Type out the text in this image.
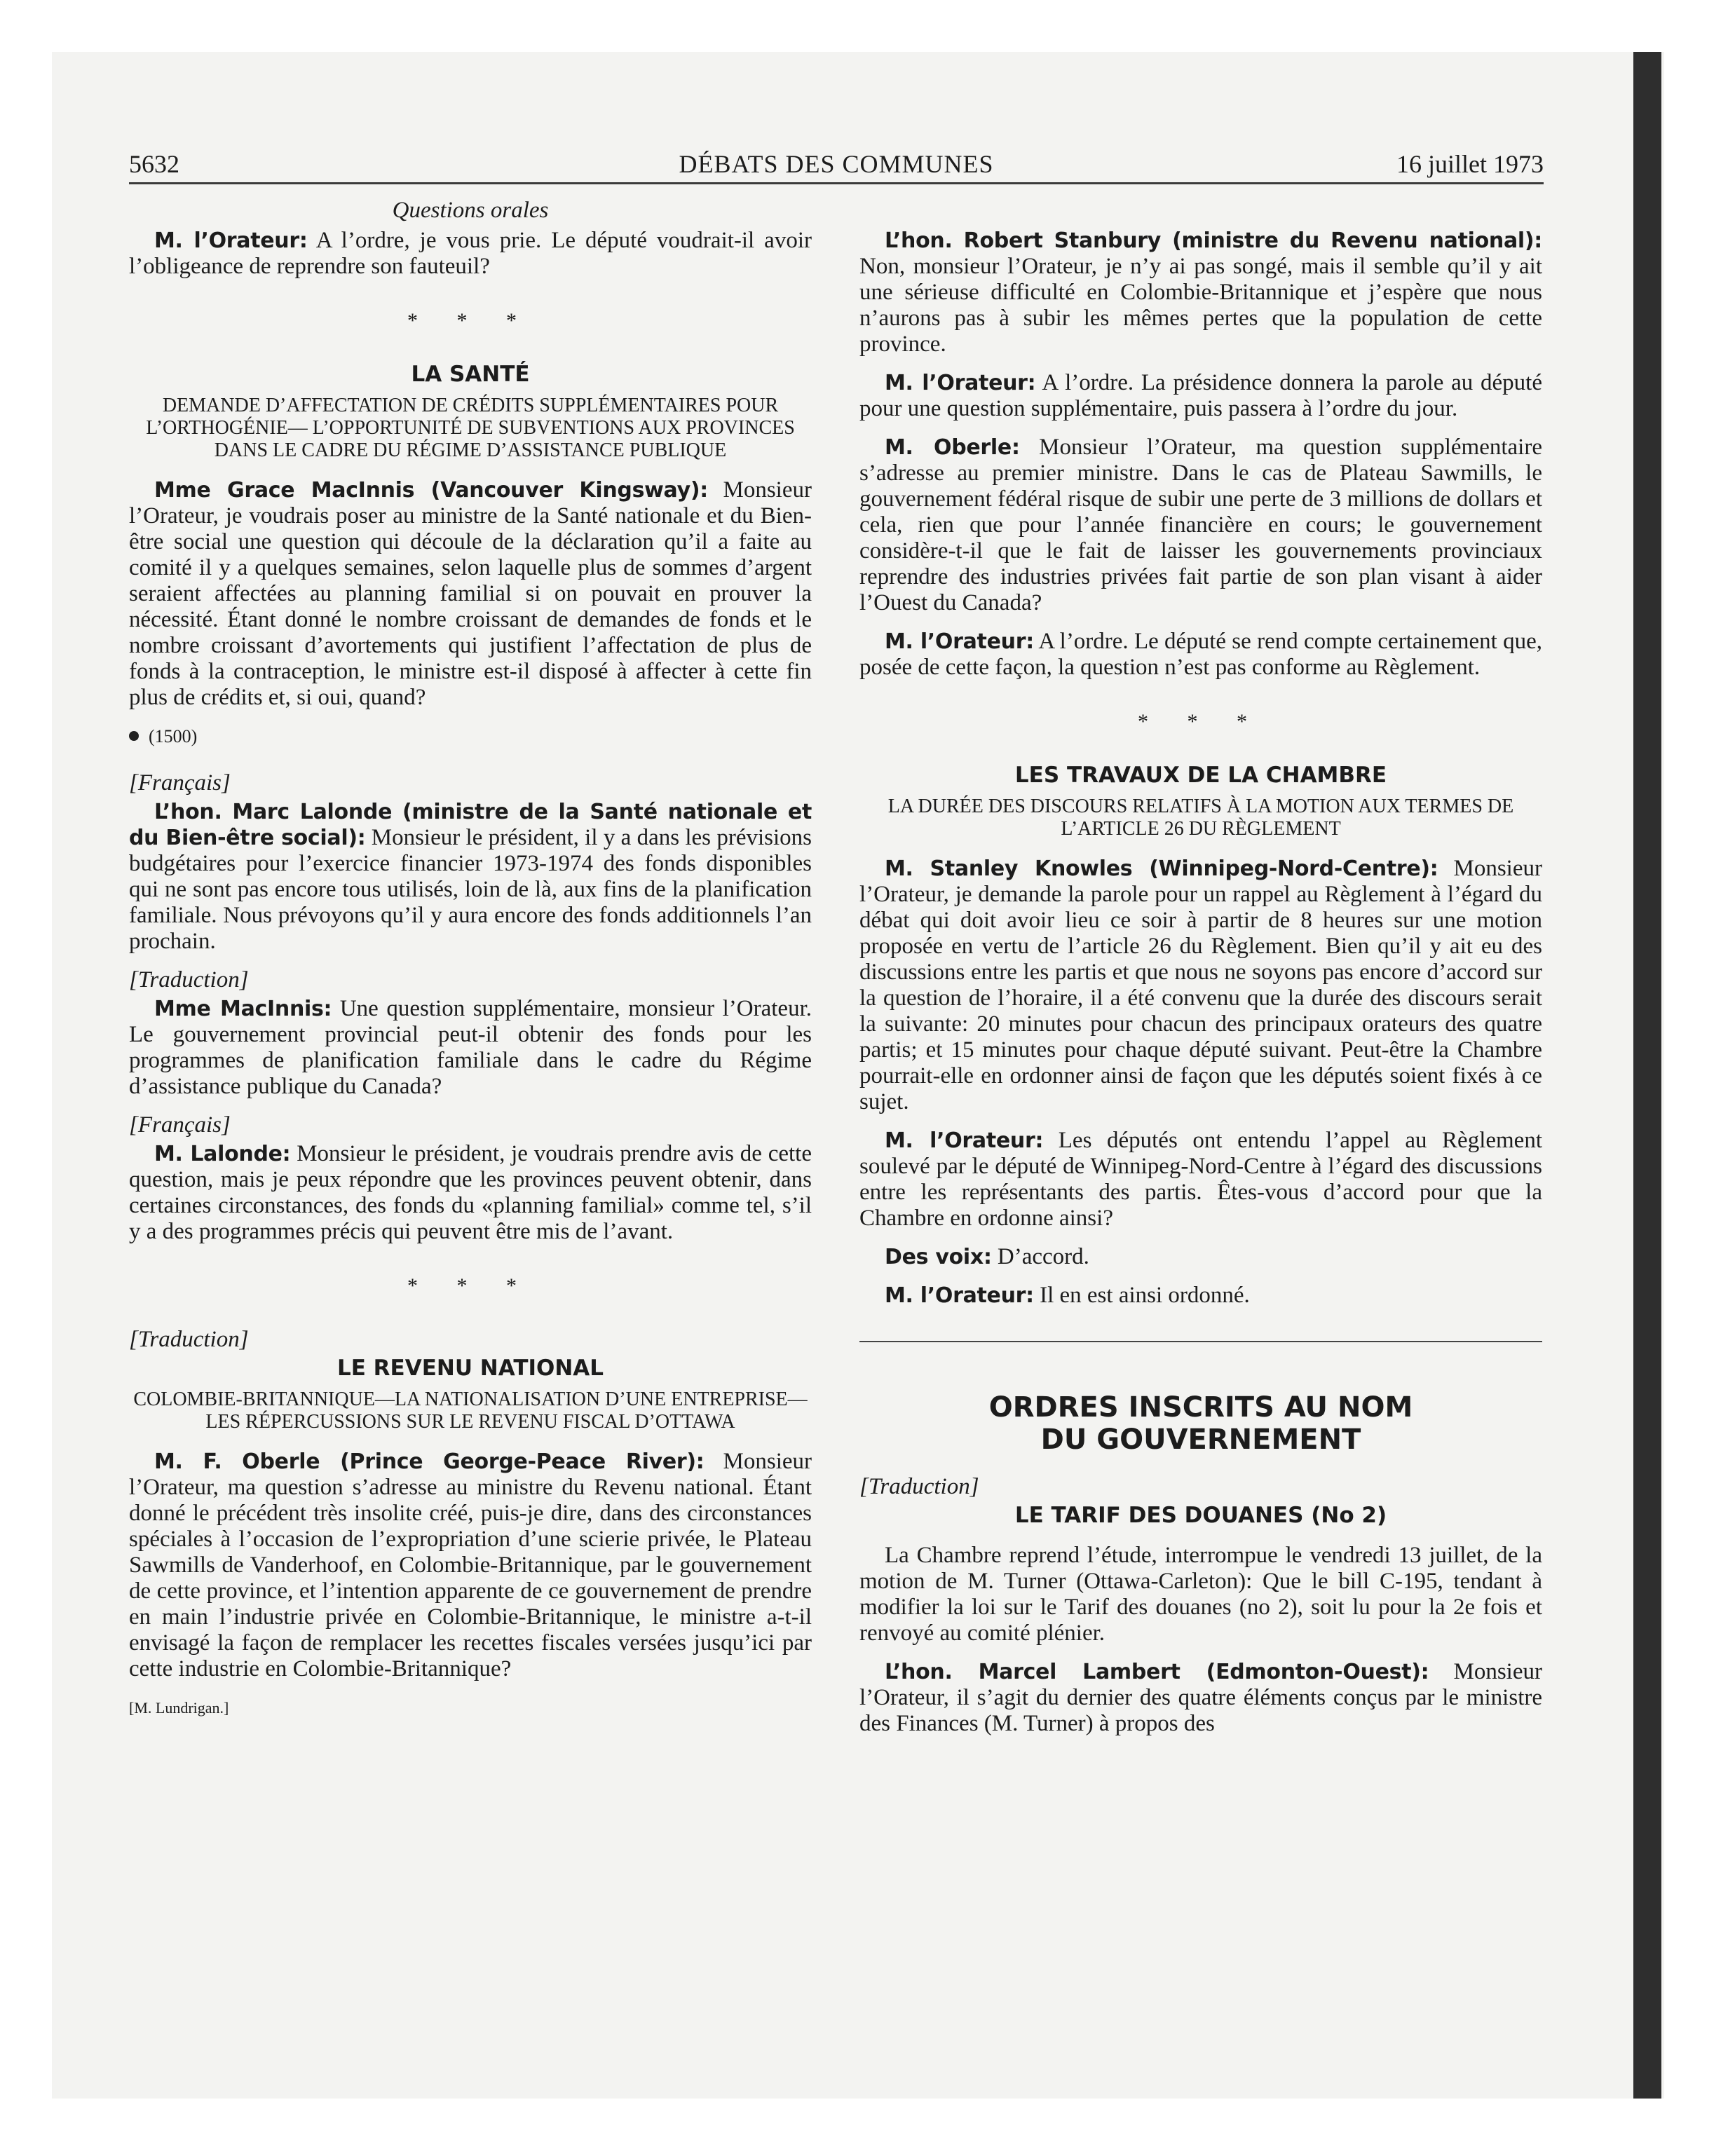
5632	DÉBATS DES COMMUNES	16 juillet 1973

Questions orales

M. l’Orateur: A l’ordre, je vous prie. Le député voudrait-il avoir l’obligeance de reprendre son fauteuil?

* * *
LA SANTÉ
DEMANDE D’AFFECTATION DE CRÉDITS SUPPLÉMENTAIRES POUR L’ORTHOGÉNIE— L’OPPORTUNITÉ DE SUBVENTIONS AUX PROVINCES DANS LE CADRE DU RÉGIME D’ASSISTANCE PUBLIQUE

Mme Grace MacInnis (Vancouver Kingsway): Monsieur l’Orateur, je voudrais poser au ministre de la Santé nationale et du Bien-être social une question qui découle de la déclaration qu’il a faite au comité il y a quelques semaines, selon laquelle plus de sommes d’argent seraient affectées au planning familial si on pouvait en prouver la nécessité. Étant donné le nombre croissant de demandes de fonds et le nombre croissant d’avortements qui justifient l’affectation de plus de fonds à la contraception, le ministre est-il disposé à affecter à cette fin plus de crédits et, si oui, quand?

(1500)
[Français]

L’hon. Marc Lalonde (ministre de la Santé nationale et du Bien-être social): Monsieur le président, il y a dans les prévisions budgétaires pour l’exercice financier 1973-1974 des fonds disponibles qui ne sont pas encore tous utilisés, loin de là, aux fins de la planification familiale. Nous prévoyons qu’il y aura encore des fonds additionnels l’an prochain.

[Traduction]

Mme MacInnis: Une question supplémentaire, monsieur l’Orateur. Le gouvernement provincial peut-il obtenir des fonds pour les programmes de planification familiale dans le cadre du Régime d’assistance publique du Canada?

[Français]

M. Lalonde: Monsieur le président, je voudrais prendre avis de cette question, mais je peux répondre que les provinces peuvent obtenir, dans certaines circonstances, des fonds du «planning familial» comme tel, s’il y a des programmes précis qui peuvent être mis de l’avant.

* * *
[Traduction]
LE REVENU NATIONAL
COLOMBIE-BRITANNIQUE—LA NATIONALISATION D’UNE ENTREPRISE—LES RÉPERCUSSIONS SUR LE REVENU FISCAL D’OTTAWA

M. F. Oberle (Prince George-Peace River): Monsieur l’Orateur, ma question s’adresse au ministre du Revenu national. Étant donné le précédent très insolite créé, puis-je dire, dans des circonstances spéciales à l’occasion de l’expropriation d’une scierie privée, le Plateau Sawmills de Vanderhoof, en Colombie-Britannique, par le gouvernement de cette province, et l’intention apparente de ce gouvernement de prendre en main l’industrie privée en Colombie-Britannique, le ministre a-t-il envisagé la façon de remplacer les recettes fiscales versées jusqu’ici par cette industrie en Colombie-Britannique?

[M. Lundrigan.]

L’hon. Robert Stanbury (ministre du Revenu national): Non, monsieur l’Orateur, je n’y ai pas songé, mais il semble qu’il y ait une sérieuse difficulté en Colombie-Britannique et j’espère que nous n’aurons pas à subir les mêmes pertes que la population de cette province.

M. l’Orateur: A l’ordre. La présidence donnera la parole au député pour une question supplémentaire, puis passera à l’ordre du jour.

M. Oberle: Monsieur l’Orateur, ma question supplémentaire s’adresse au premier ministre. Dans le cas de Plateau Sawmills, le gouvernement fédéral risque de subir une perte de 3 millions de dollars et cela, rien que pour l’année financière en cours; le gouvernement considère-t-il que le fait de laisser les gouvernements provinciaux reprendre des industries privées fait partie de son plan visant à aider l’Ouest du Canada?

M. l’Orateur: A l’ordre. Le député se rend compte certainement que, posée de cette façon, la question n’est pas conforme au Règlement.

* * *
LES TRAVAUX DE LA CHAMBRE
LA DURÉE DES DISCOURS RELATIFS À LA MOTION AUX TERMES DE L’ARTICLE 26 DU RÈGLEMENT

M. Stanley Knowles (Winnipeg-Nord-Centre): Monsieur l’Orateur, je demande la parole pour un rappel au Règlement à l’égard du débat qui doit avoir lieu ce soir à partir de 8 heures sur une motion proposée en vertu de l’article 26 du Règlement. Bien qu’il y ait eu des discussions entre les partis et que nous ne soyons pas encore d’accord sur la question de l’horaire, il a été convenu que la durée des discours serait la suivante: 20 minutes pour chacun des principaux orateurs des quatre partis; et 15 minutes pour chaque député suivant. Peut-être la Chambre pourrait-elle en ordonner ainsi de façon que les députés soient fixés à ce sujet.

M. l’Orateur: Les députés ont entendu l’appel au Règlement soulevé par le député de Winnipeg-Nord-Centre à l’égard des discussions entre les représentants des partis. Êtes-vous d’accord pour que la Chambre en ordonne ainsi?

Des voix: D’accord.

M. l’Orateur: Il en est ainsi ordonné.

ORDRES INSCRITS AU NOM
DU GOUVERNEMENT
[Traduction]
LE TARIF DES DOUANES (No 2)

La Chambre reprend l’étude, interrompue le vendredi 13 juillet, de la motion de M. Turner (Ottawa-Carleton): Que le bill C-195, tendant à modifier la loi sur le Tarif des douanes (no 2), soit lu pour la 2e fois et renvoyé au comité plénier.

L’hon. Marcel Lambert (Edmonton-Ouest): Monsieur l’Orateur, il s’agit du dernier des quatre éléments conçus par le ministre des Finances (M. Turner) à propos des
